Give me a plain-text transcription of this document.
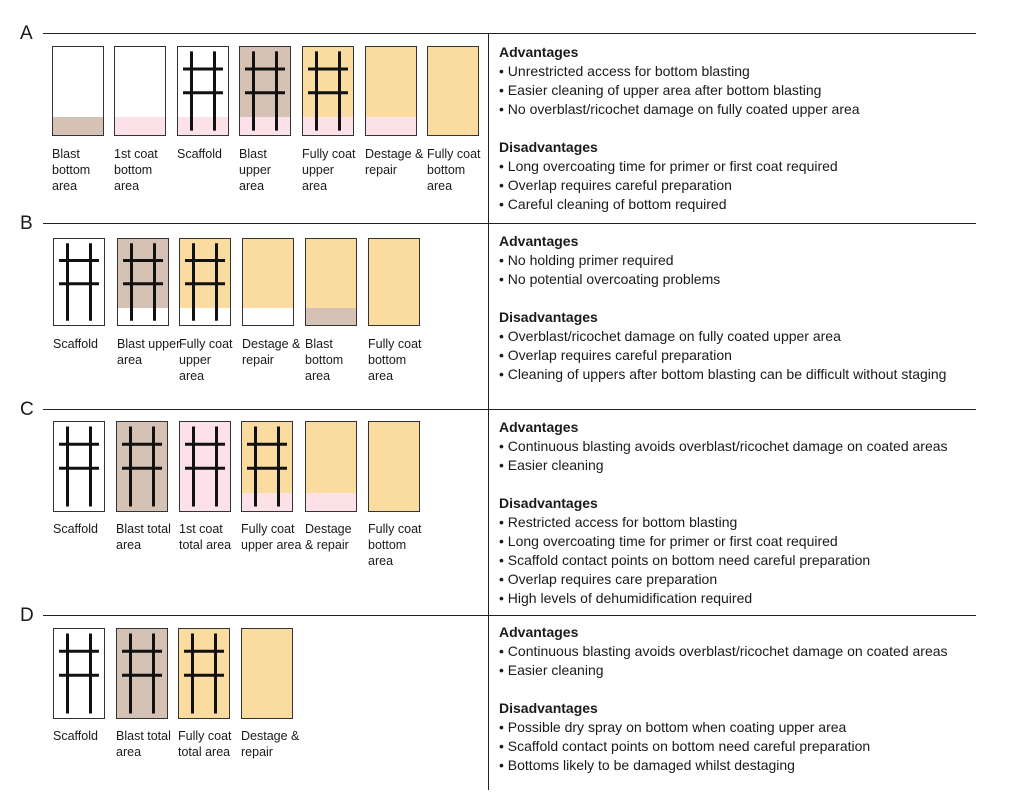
A
Advantages
• Unrestricted access for bottom blasting
• Easier cleaning of upper area after bottom blasting
• No overblast/ricochet damage on fully coated upper area
Disadvantages
• Long overcoating time for primer or first coat required
• Overlap requires careful preparation
• Careful cleaning of bottom required
Blast
bottom
area
1st coat
bottom
area
Scaffold Blast
upper
area
Fully coat
upper
area
Destage &
repair
Fully coat
bottom
area
B
Advantages
• No holding primer required
• No potential overcoating problems
Disadvantages
• Overblast/ricochet damage on fully coated upper area
• Overlap requires careful preparation
• Cleaning of uppers after bottom blasting can be difficult without staging
Scaffold Blast upper
area
Fully coat
upper
area
Destage &
repair
Blast
bottom
area
Fully coat
bottom
area
C
Advantages
• Continuous blasting avoids overblast/ricochet damage on coated areas
• Easier cleaning
Disadvantages
• Restricted access for bottom blasting
• Long overcoating time for primer or first coat required
• Scaffold contact points on bottom need careful preparation
• Overlap requires care preparation
• High levels of dehumidification required
Scaffold Blast total
area
1st coat
total area
Fully coat
upper area
Destage
& repair
Fully coat
bottom
area
D
Advantages
• Continuous blasting avoids overblast/ricochet damage on coated areas
• Easier cleaning
Disadvantages
• Possible dry spray on bottom when coating upper area
• Scaffold contact points on bottom need careful preparation
• Bottoms likely to be damaged whilst destaging
Scaffold Blast total
area
Fully coat
total area
Destage &
repair
